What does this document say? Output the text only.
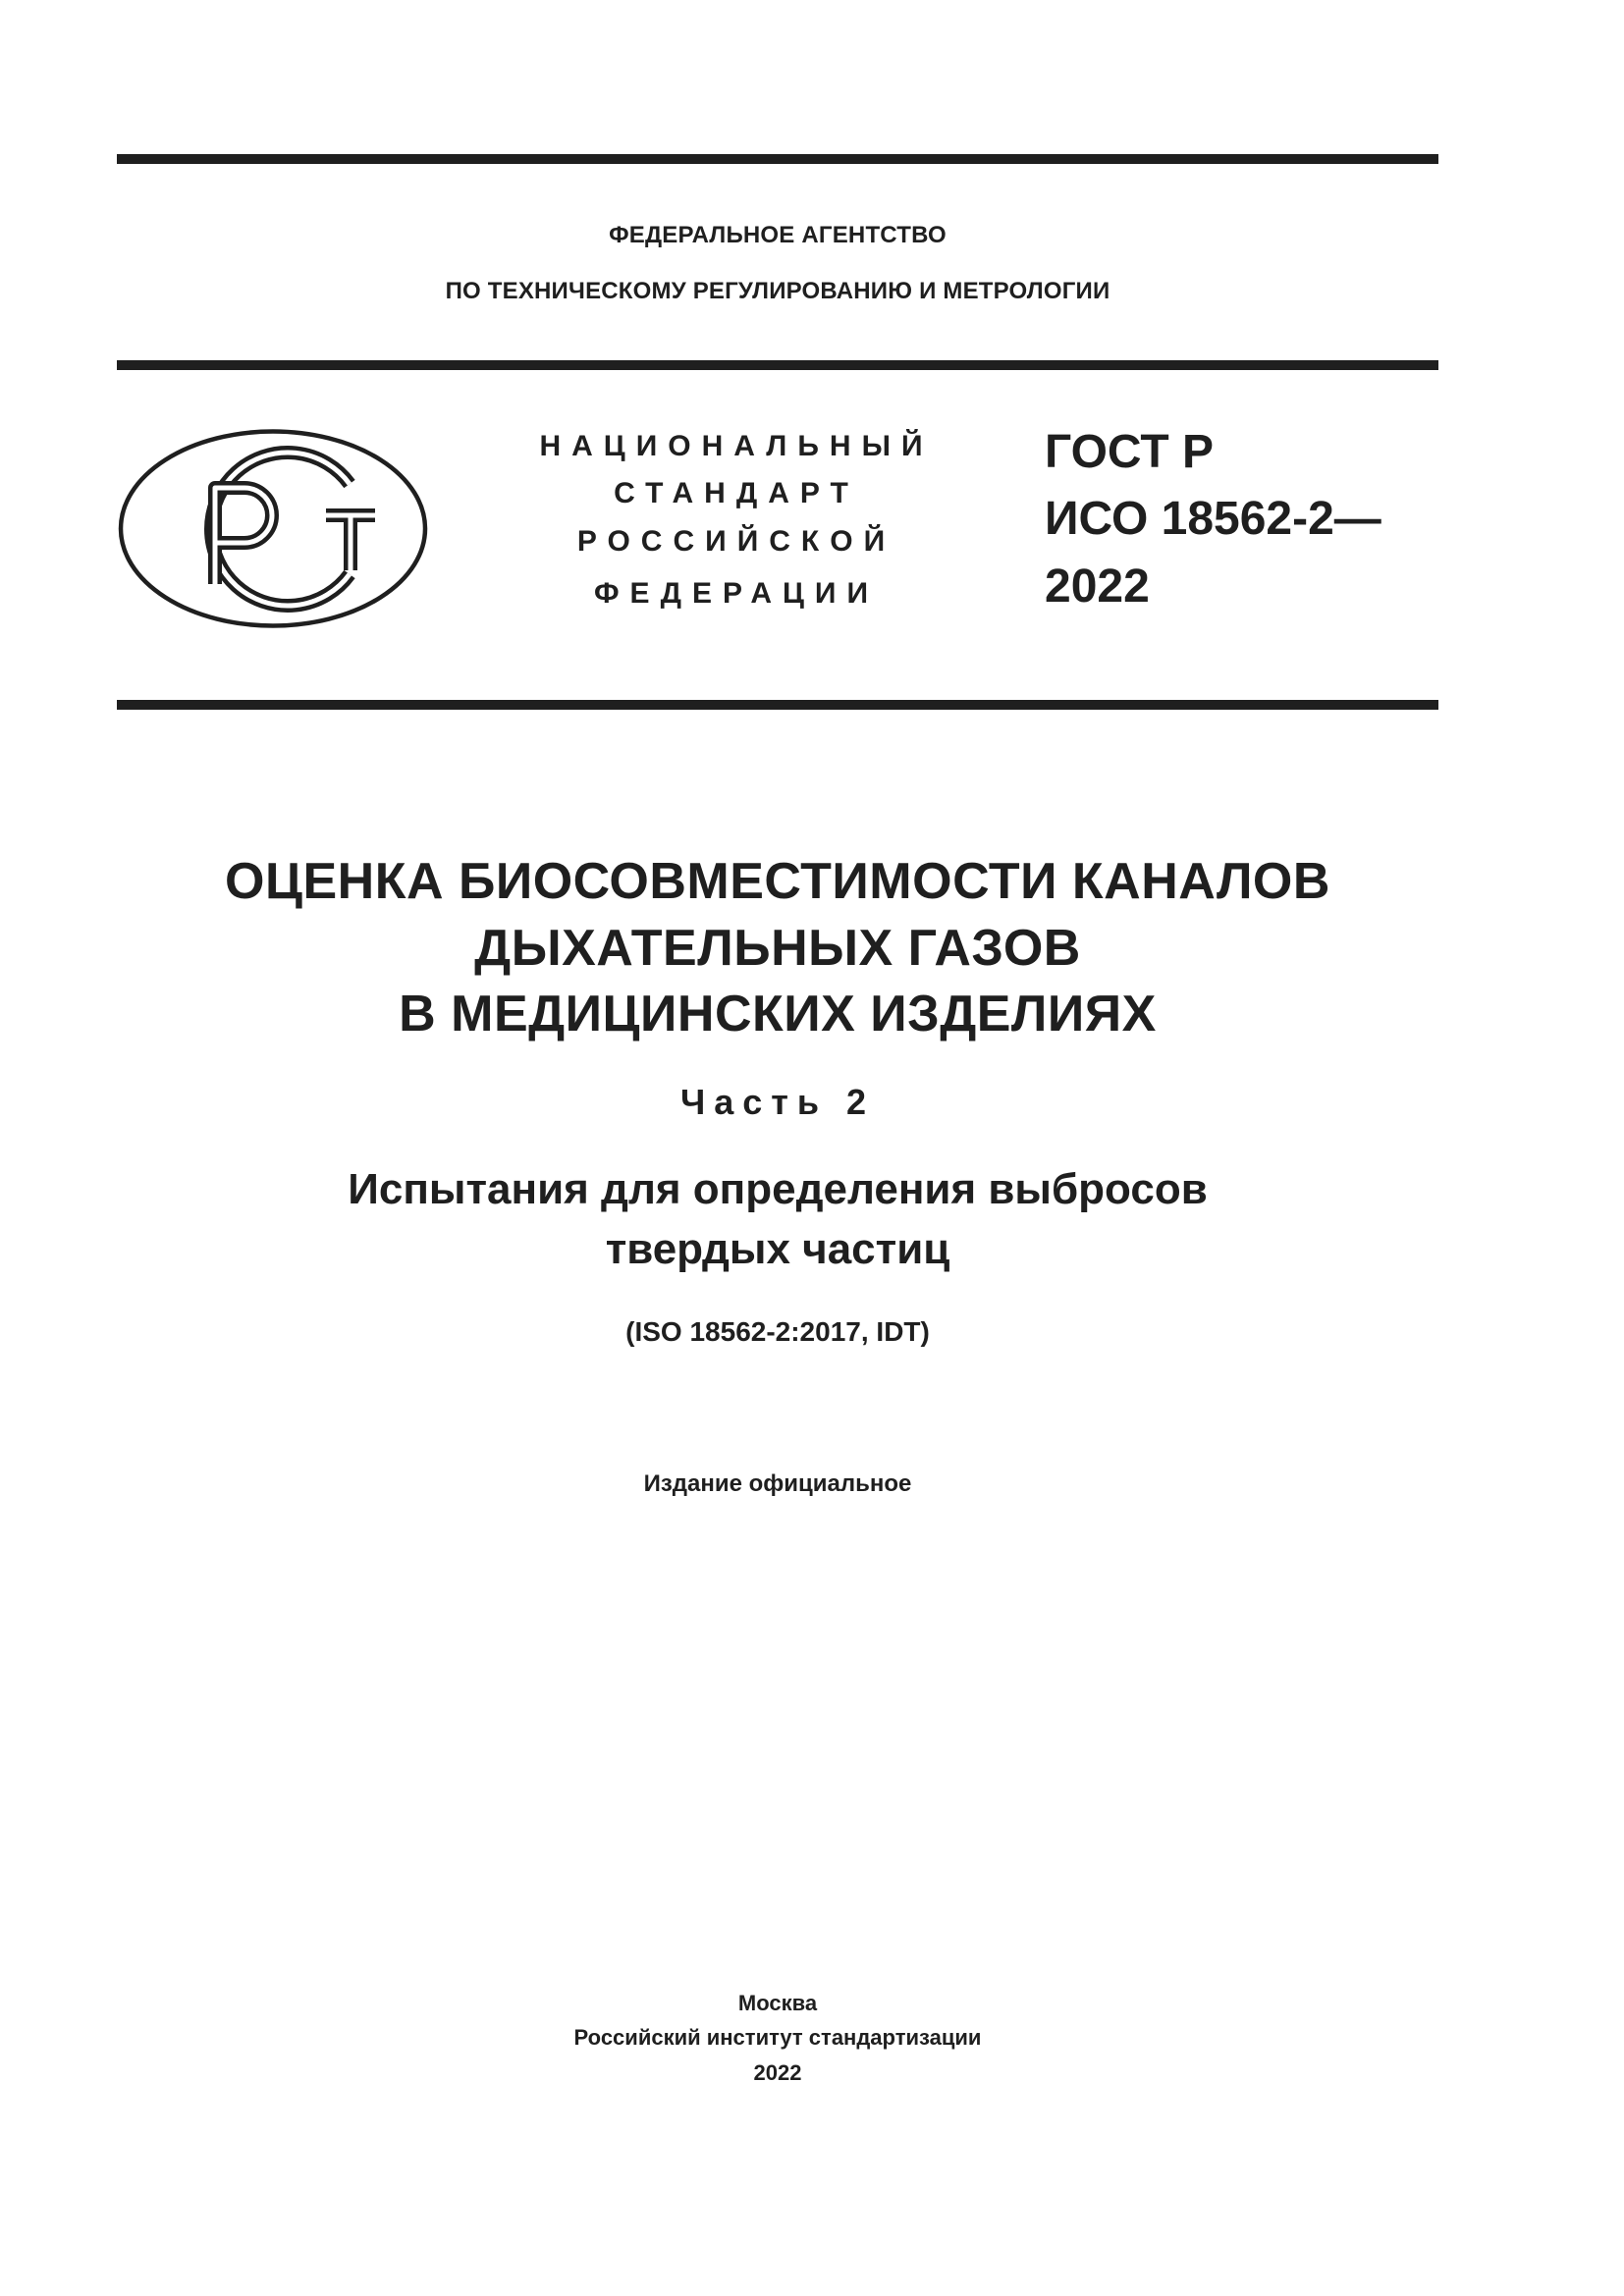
ФЕДЕРАЛЬНОЕ АГЕНТСТВО
ПО ТЕХНИЧЕСКОМУ РЕГУЛИРОВАНИЮ И МЕТРОЛОГИИ
НАЦИОНАЛЬНЫЙ
СТАНДАРТ
РОССИЙСКОЙ
ФЕДЕРАЦИИ
ГОСТ Р
ИСО 18562-2—
2022
ОЦЕНКА БИОСОВМЕСТИМОСТИ КАНАЛОВ
ДЫХАТЕЛЬНЫХ ГАЗОВ
В МЕДИЦИНСКИХ ИЗДЕЛИЯХ
Часть 2
Испытания для определения выбросов
твердых частиц
(ISO 18562-2:2017, IDT)
Издание официальное
Москва
Российский институт стандартизации
2022
